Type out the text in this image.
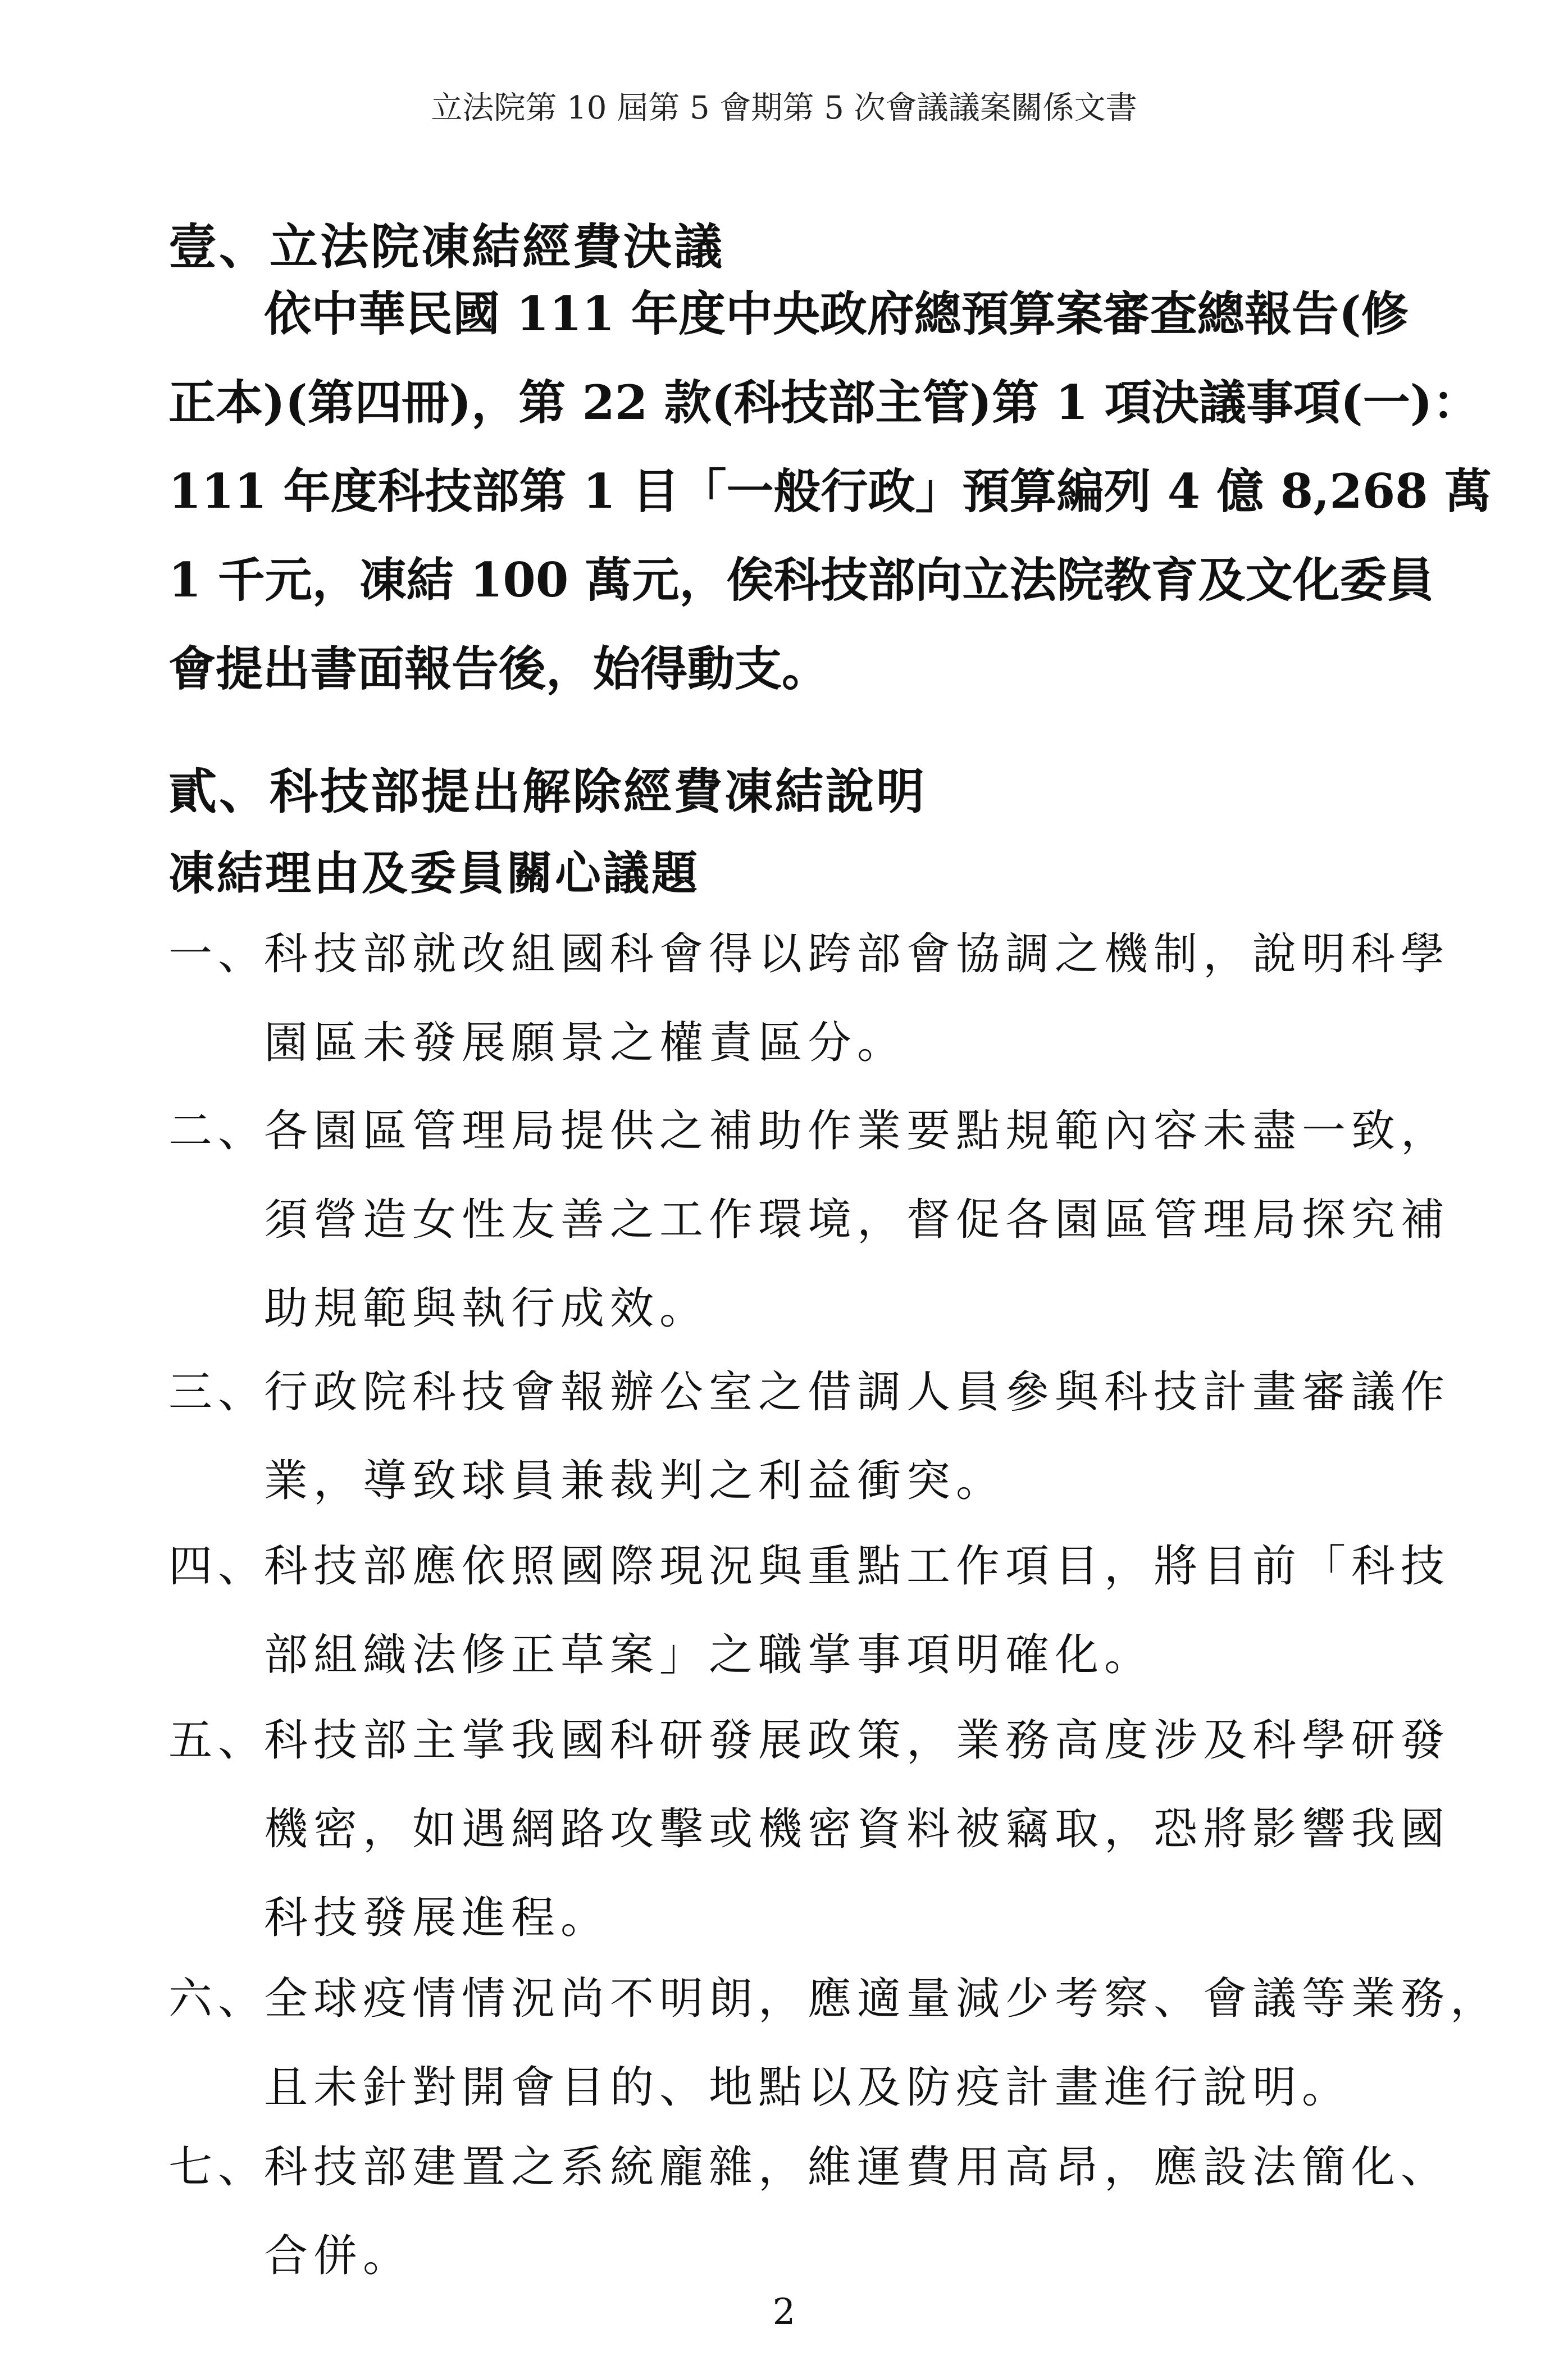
立法院第 10 屆第 5 會期第 5 次會議議案關係文書
壹、立法院凍結經費決議

依中華民國 111 年度中央政府總預算案審查總報告(修

正本)(第四冊)，第 22 款(科技部主管)第 1 項決議事項(一)：

111 年度科技部第 1 目「一般行政」預算編列 4 億 8,268 萬

1 千元，凍結 100 萬元，俟科技部向立法院教育及文化委員

會提出書面報告後，始得動支。

貳、科技部提出解除經費凍結說明
凍結理由及委員關心議題
一、
科技部就改組國科會得以跨部會協調之機制，說明科學
園區未發展願景之權責區分。
二、
各園區管理局提供之補助作業要點規範內容未盡一致，
須營造女性友善之工作環境，督促各園區管理局探究補
助規範與執行成效。
三、
行政院科技會報辦公室之借調人員參與科技計畫審議作
業，導致球員兼裁判之利益衝突。
四、
科技部應依照國際現況與重點工作項目，將目前「科技
部組織法修正草案」之職掌事項明確化。
五、
科技部主掌我國科研發展政策，業務高度涉及科學研發
機密，如遇網路攻擊或機密資料被竊取，恐將影響我國
科技發展進程。
六、
全球疫情情況尚不明朗，應適量減少考察、會議等業務，
且未針對開會目的、地點以及防疫計畫進行說明。
七、
科技部建置之系統龐雜，維運費用高昂，應設法簡化、
合併。
2
